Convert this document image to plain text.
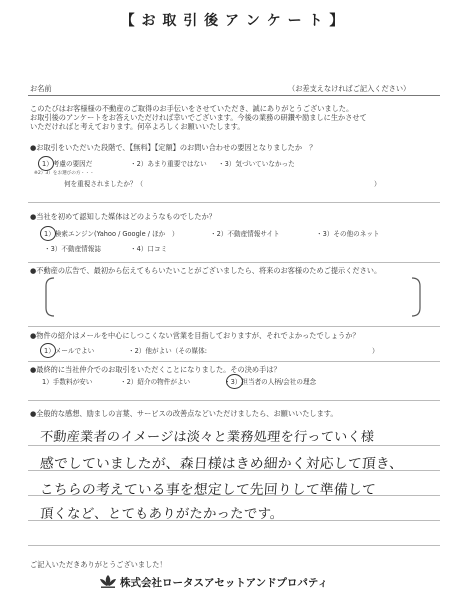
【 お 取 引 後 ア ン ケ ー ト 】
お名前	（お差支えなければご記入ください）
このたびはお客様様の不動産のご取得のお手伝いをさせていただき、誠にありがとうございました。
お取引後のアンケートをお答えいただければ幸いでございます。今後の業務の研鑽や励ましに生かさせて
いただければと考えております。何卒よろしくお願いいたします。
●お取引をいただいた段階で、【無料】【定額】のお問い合わせの要因となりましたか　？
1）考慮の要因だ	・2）あまり重要ではない ・3）気づいていなかった
※2）3）をお選びの方・・・
何を重視されましたか？（	）
●当社を初めて認知した媒体はどのようなものでしたか？
1）検索エンジン(Yahoo / Google / ほか　）	・2）不動産情報サイト	・3）その他のネット
・3）不動産情報誌	・4）口コミ
●不動産の広告で、最初から伝えてもらいたいことがございましたら、将来のお客様のためご提示ください。
●物件の紹介はメールを中心にしつこくない営業を目指しておりますが、それでよかったでしょうか？
1）メールでよい	・2）他がよい（その媒体:	）
●最終的に当社仲介でのお取引をいただくことになりました。その決め手は？
1）手数料が安い	・2）紹介の物件がよい	・3）担当者の人柄/会社の理念
●全般的な感想、励ましの言葉、サービスの改善点などいただけましたら、お願いいたします。
不動産業者のイメージは淡々と業務処理を行っていく様
感でしていましたが、森日様はきめ細かく対応して頂き、
こちらの考えている事を想定して先回りして準備して
頂くなど、とてもありがたかったです。
ご記入いただきありがとうございました！
株式会社ロータスアセットアンドプロパティ
